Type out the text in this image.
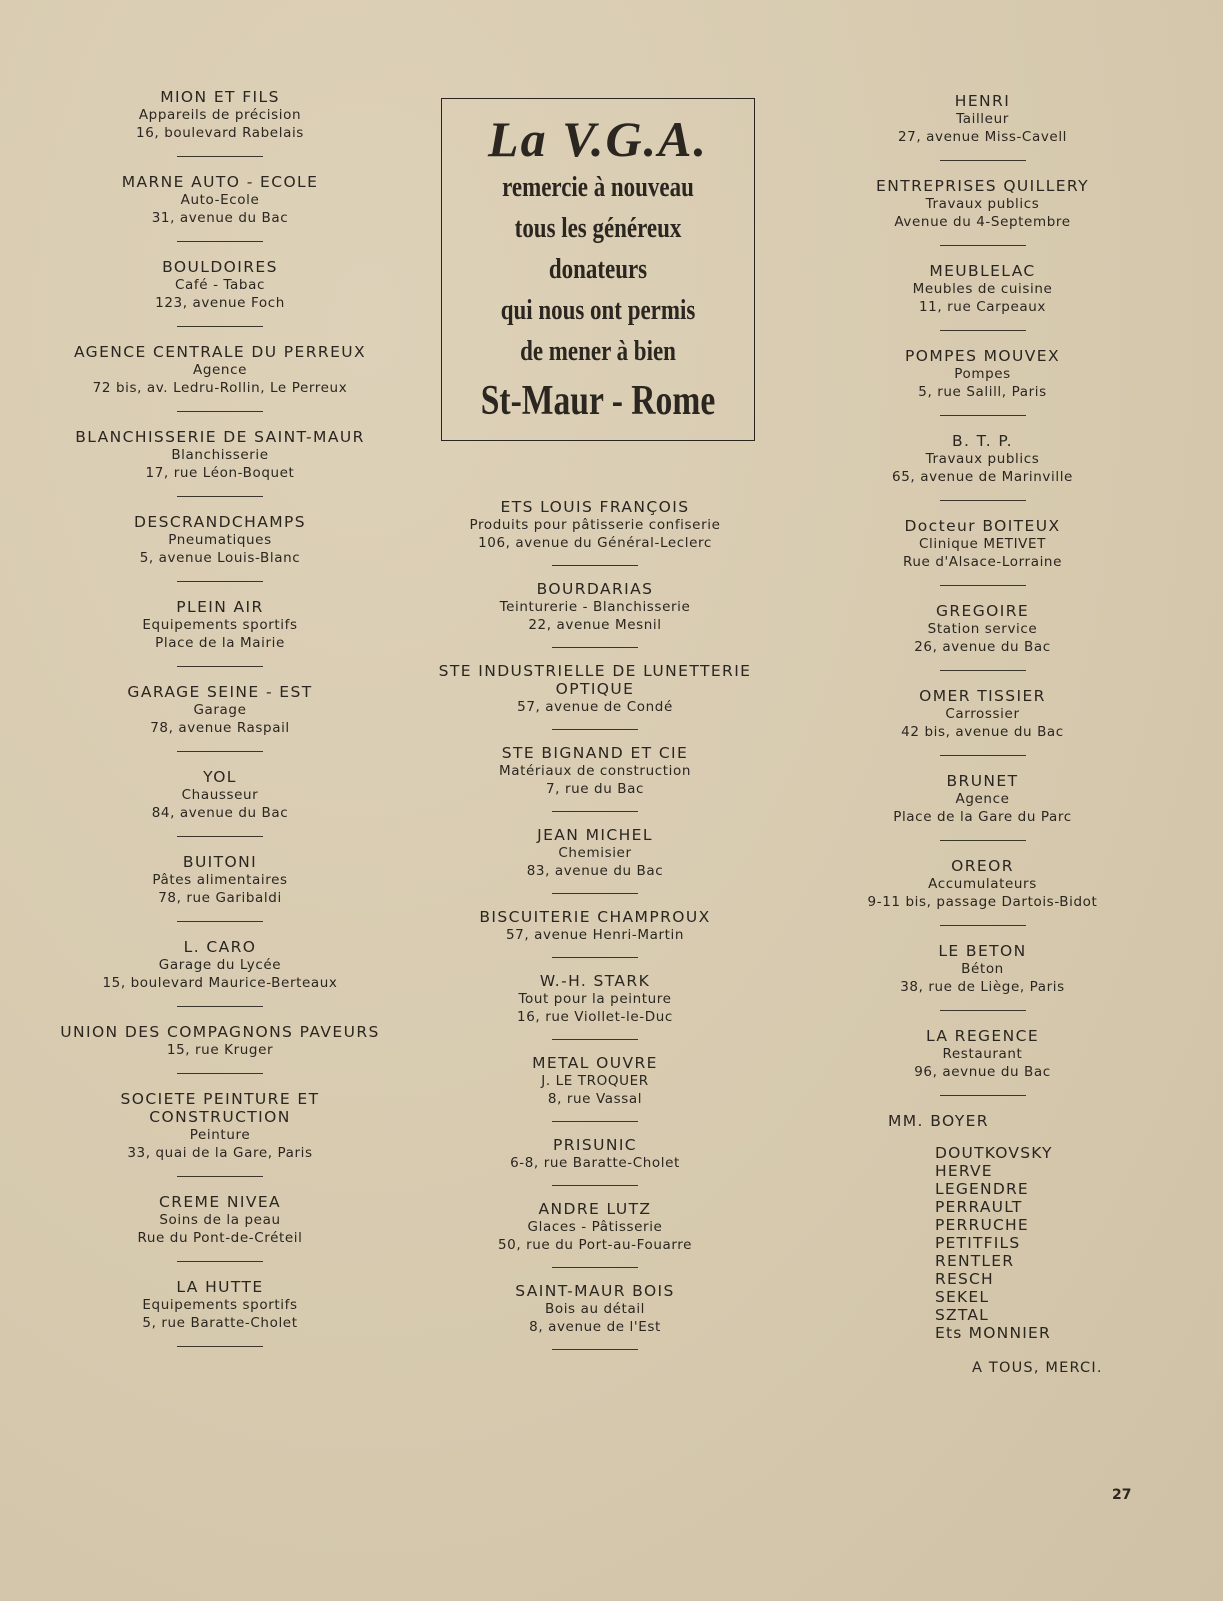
MION ET FILS
Appareils de précision
16, boulevard Rabelais
MARNE AUTO - ECOLE
Auto-Ecole
31, avenue du Bac
BOULDOIRES
Café - Tabac
123, avenue Foch
AGENCE CENTRALE DU PERREUX
Agence
72 bis, av. Ledru-Rollin, Le Perreux
BLANCHISSERIE DE SAINT-MAUR
Blanchisserie
17, rue Léon-Boquet
DESCRANDCHAMPS
Pneumatiques
5, avenue Louis-Blanc
PLEIN AIR
Equipements sportifs
Place de la Mairie
GARAGE SEINE - EST
Garage
78, avenue Raspail
YOL
Chausseur
84, avenue du Bac
BUITONI
Pâtes alimentaires
78, rue Garibaldi
L. CARO
Garage du Lycée
15, boulevard Maurice-Berteaux
UNION DES COMPAGNONS PAVEURS
15, rue Kruger
SOCIETE PEINTURE ET CONSTRUCTION
Peinture
33, quai de la Gare, Paris
CREME NIVEA
Soins de la peau
Rue du Pont-de-Créteil
LA HUTTE
Equipements sportifs
5, rue Baratte-Cholet
La V.G.A.
remercie à nouveau
tous les généreux
donateurs
qui nous ont permis
de mener à bien
St-Maur - Rome
ETS LOUIS FRANÇOIS
Produits pour pâtisserie confiserie
106, avenue du Général-Leclerc
BOURDARIAS
Teinturerie - Blanchisserie
22, avenue Mesnil
STE INDUSTRIELLE DE LUNETTERIE OPTIQUE
57, avenue de Condé
STE BIGNAND ET CIE
Matériaux de construction
7, rue du Bac
JEAN MICHEL
Chemisier
83, avenue du Bac
BISCUITERIE CHAMPROUX
57, avenue Henri-Martin
W.-H. STARK
Tout pour la peinture
16, rue Viollet-le-Duc
METAL OUVRE
J. LE TROQUER
8, rue Vassal
PRISUNIC
6-8, rue Baratte-Cholet
ANDRE LUTZ
Glaces - Pâtisserie
50, rue du Port-au-Fouarre
SAINT-MAUR BOIS
Bois au détail
8, avenue de l'Est
HENRI
Tailleur
27, avenue Miss-Cavell
ENTREPRISES QUILLERY
Travaux publics
Avenue du 4-Septembre
MEUBLELAC
Meubles de cuisine
11, rue Carpeaux
POMPES MOUVEX
Pompes
5, rue Salill, Paris
B. T. P.
Travaux publics
65, avenue de Marinville
Docteur BOITEUX
Clinique METIVET
Rue d'Alsace-Lorraine
GREGOIRE
Station service
26, avenue du Bac
OMER TISSIER
Carrossier
42 bis, avenue du Bac
BRUNET
Agence
Place de la Gare du Parc
OREOR
Accumulateurs
9-11 bis, passage Dartois-Bidot
LE BETON
Béton
38, rue de Liège, Paris
LA REGENCE
Restaurant
96, aevnue du Bac
MM. BOYER
DOUTKOVSKY
HERVE
LEGENDRE
PERRAULT
PERRUCHE
PETITFILS
RENTLER
RESCH
SEKEL
SZTAL
Ets MONNIER
A TOUS, MERCI.
27
